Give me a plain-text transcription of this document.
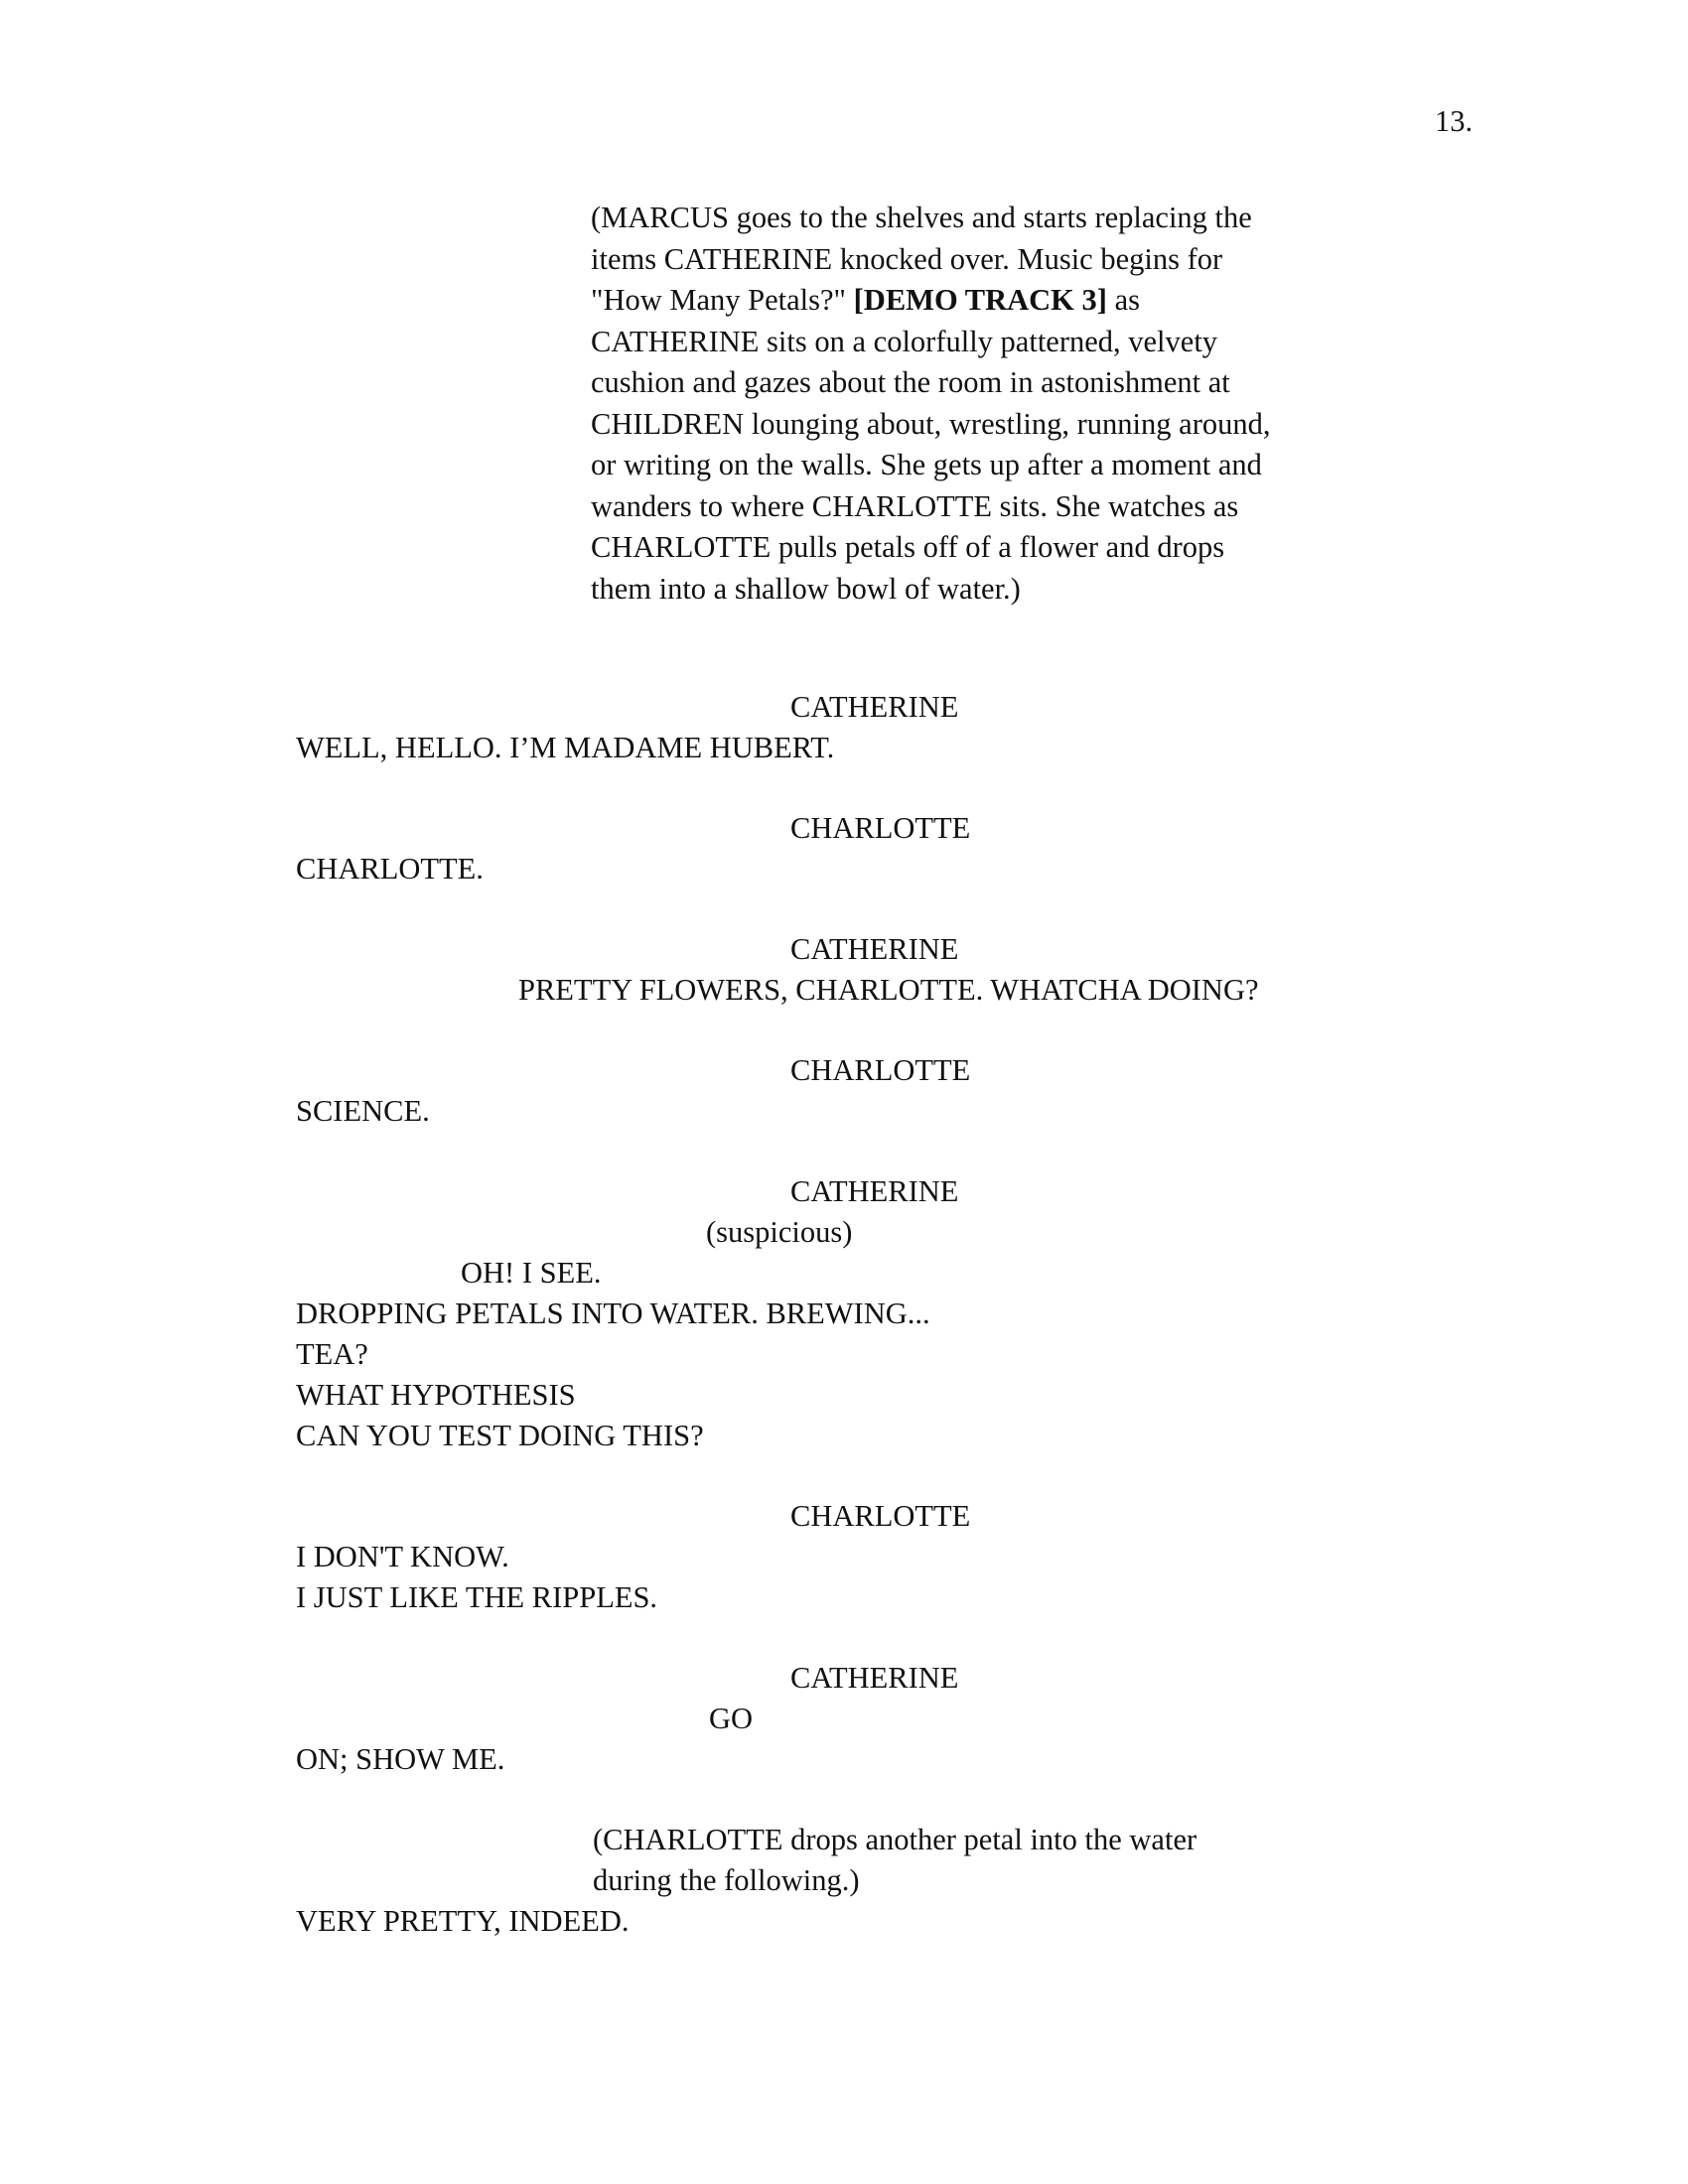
13.

(MARCUS goes to the shelves and starts replacing the items CATHERINE knocked over. Music begins for "How Many Petals?" [DEMO TRACK 3] as CATHERINE sits on a colorfully patterned, velvety cushion and gazes about the room in astonishment at CHILDREN lounging about, wrestling, running around, or writing on the walls. She gets up after a moment and wanders to where CHARLOTTE sits. She watches as CHARLOTTE pulls petals off of a flower and drops them into a shallow bowl of water.)

CATHERINE
WELL, HELLO. I’M MADAME HUBERT.
CHARLOTTE
CHARLOTTE.
CATHERINE
PRETTY FLOWERS, CHARLOTTE. WHATCHA DOING?
CHARLOTTE
SCIENCE.
CATHERINE
(suspicious)
OH! I SEE.
DROPPING PETALS INTO WATER. BREWING...
TEA?
WHAT HYPOTHESIS
CAN YOU TEST DOING THIS?
CHARLOTTE
I DON'T KNOW.
I JUST LIKE THE RIPPLES.
CATHERINE
GO
ON; SHOW ME.
(CHARLOTTE drops another petal into the water
during the following.)
VERY PRETTY, INDEED.
